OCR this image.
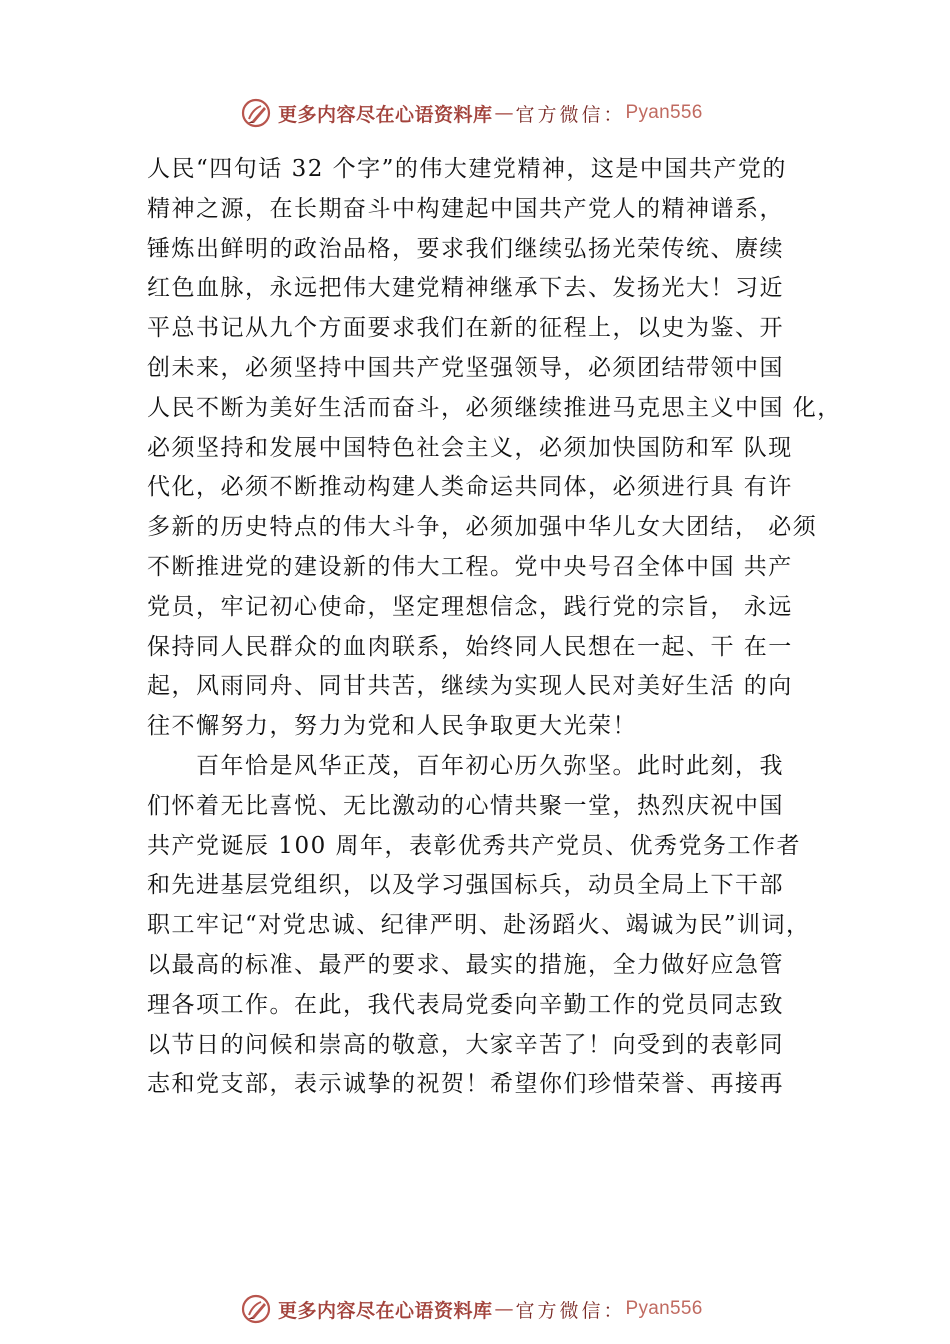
更多内容尽在心语资料库 — 官方微信： Pyan556
人民“四句话 32 个字”的伟大建党精神，这是中国共产党的
精神之源，在长期奋斗中构建起中国共产党人的精神谱系，
锤炼出鲜明的政治品格，要求我们继续弘扬光荣传统、赓续
红色血脉，永远把伟大建党精神继承下去、发扬光大！习近
平总书记从九个方面要求我们在新的征程上，以史为鉴、开
创未来，必须坚持中国共产党坚强领导，必须团结带领中国
人民不断为美好生活而奋斗，必须继续推进马克思主义中国 化，
必须坚持和发展中国特色社会主义，必须加快国防和军 队现
代化，必须不断推动构建人类命运共同体，必须进行具 有许
多新的历史特点的伟大斗争，必须加强中华儿女大团结， 必须
不断推进党的建设新的伟大工程。党中央号召全体中国 共产
党员，牢记初心使命，坚定理想信念，践行党的宗旨， 永远
保持同人民群众的血肉联系，始终同人民想在一起、干 在一
起，风雨同舟、同甘共苦，继续为实现人民对美好生活 的向
往不懈努力，努力为党和人民争取更大光荣！
　　百年恰是风华正茂，百年初心历久弥坚。此时此刻，我
们怀着无比喜悦、无比激动的心情共聚一堂，热烈庆祝中国
共产党诞辰 100 周年，表彰优秀共产党员、优秀党务工作者
和先进基层党组织，以及学习强国标兵，动员全局上下干部
职工牢记“对党忠诚、纪律严明、赴汤蹈火、竭诚为民”训词，
以最高的标准、最严的要求、最实的措施，全力做好应急管
理各项工作。在此，我代表局党委向辛勤工作的党员同志致
以节日的问候和崇高的敬意，大家辛苦了！向受到的表彰同
志和党支部，表示诚挚的祝贺！希望你们珍惜荣誉、再接再
更多内容尽在心语资料库 — 官方微信： Pyan556
